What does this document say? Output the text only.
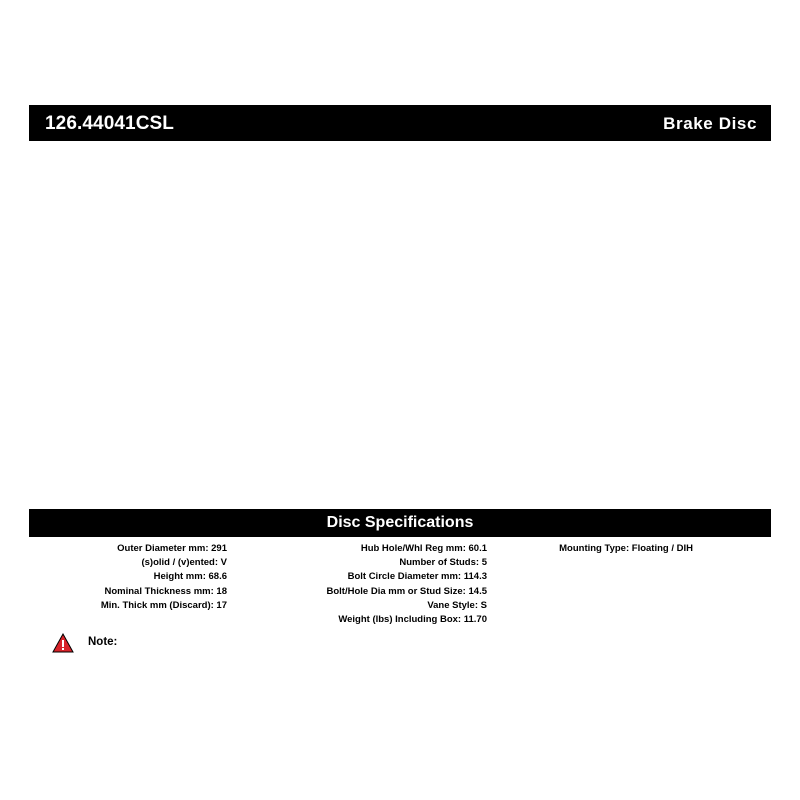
126.44041CSL	Brake Disc
Disc Specifications
Outer Diameter mm: 291
(s)olid / (v)ented: V
Height mm: 68.6
Nominal Thickness mm: 18
Min. Thick mm (Discard): 17
Hub Hole/Whl Reg mm: 60.1
Number of Studs: 5
Bolt Circle Diameter mm: 114.3
Bolt/Hole Dia mm or Stud Size: 14.5
Vane Style: S
Weight (lbs) Including Box: 11.70
Mounting Type: Floating / DIH
Note:
